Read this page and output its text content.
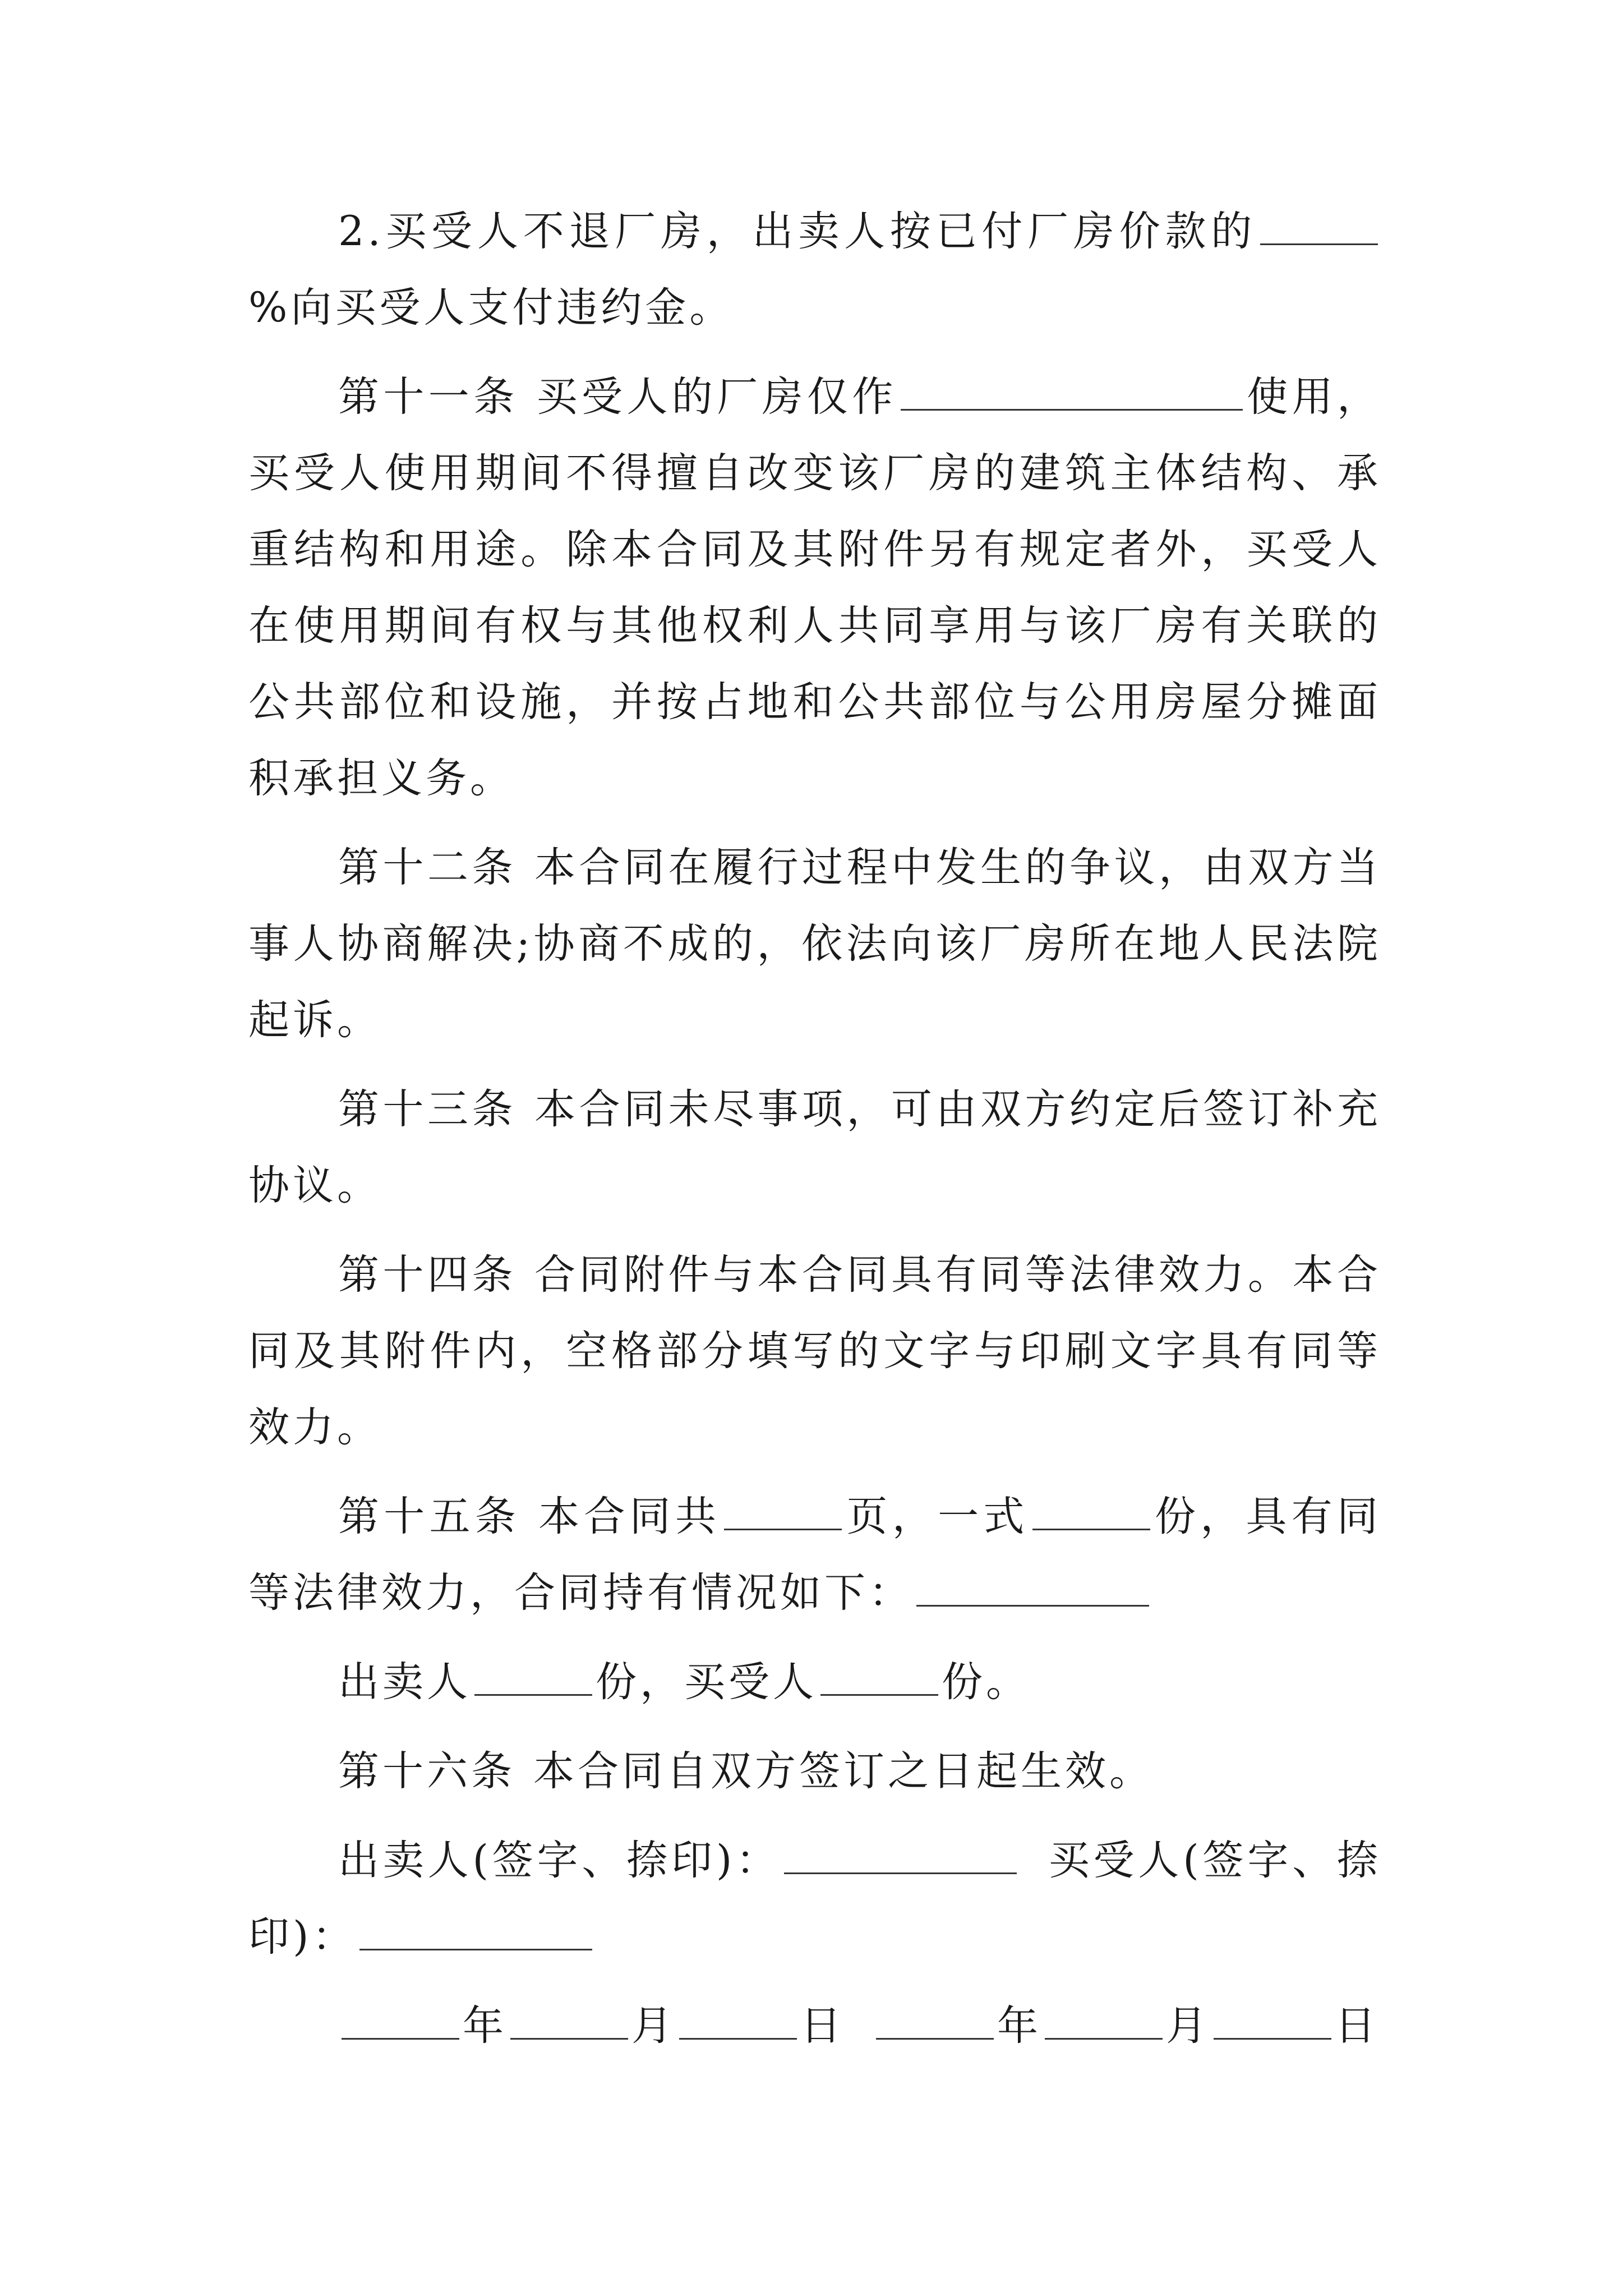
2.买受人不退厂房，出卖人按已付厂房价款的%向买受人支付违约金。

第十一条 买受人的厂房仅作	使用，买受人使用期间不得擅自改变该厂房的建筑主体结构、承重结构和用途。除本合同及其附件另有规定者外，买受人在使用期间有权与其他权利人共同享用与该厂房有关联的公共部位和设施，并按占地和公共部位与公用房屋分摊面积承担义务。

第十二条 本合同在履行过程中发生的争议，由双方当事人协商解决;协商不成的，依法向该厂房所在地人民法院起诉。

第十三条 本合同未尽事项，可由双方约定后签订补充协议。

第十四条 合同附件与本合同具有同等法律效力。本合同及其附件内，空格部分填写的文字与印刷文字具有同等效力。

第十五条 本合同共	页，一式	份，具有同等法律效力，合同持有情况如下：

出卖人	份，买受人	份。

第十六条 本合同自双方签订之日起生效。

出卖人(签字、捺印)：	买受人(签字、捺印)：

年	月	日	年	月	日
